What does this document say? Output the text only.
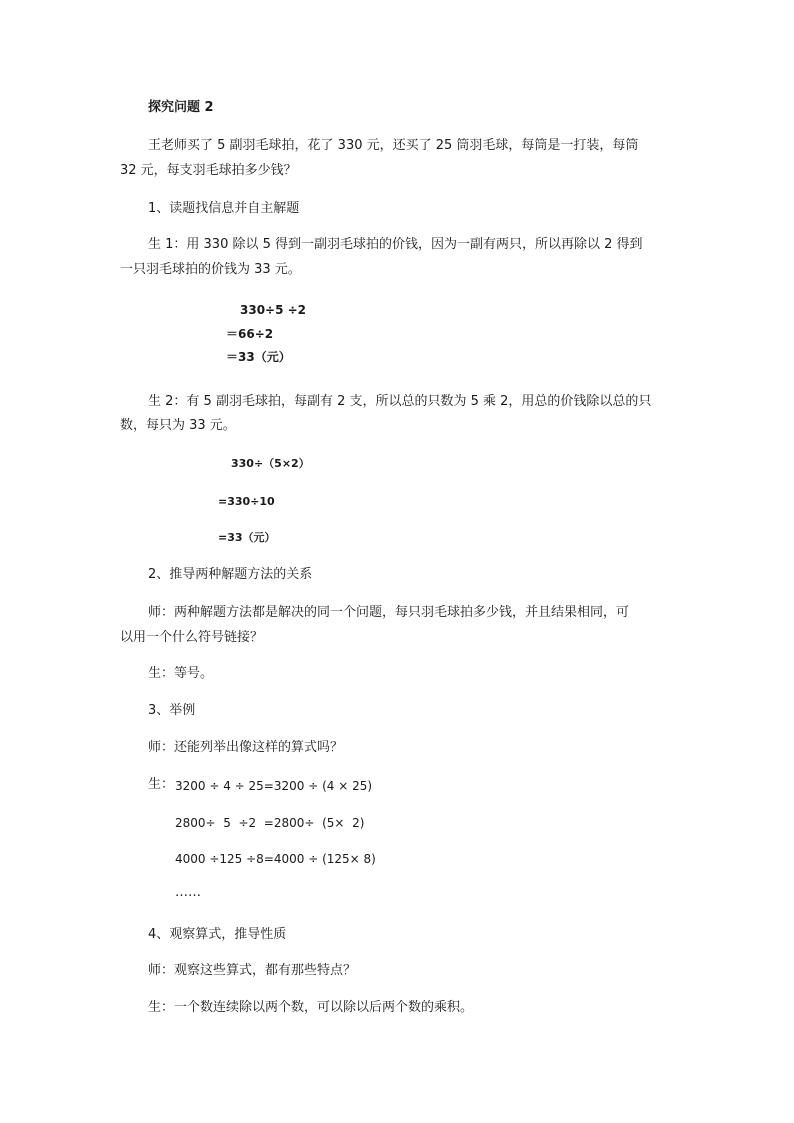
探究问题 2
王老师买了 5 副羽毛球拍，花了 330 元，还买了 25 筒羽毛球，每筒是一打装，每筒
32 元，每支羽毛球拍多少钱？
1、读题找信息并自主解题
生 1：用 330 除以 5 得到一副羽毛球拍的价钱，因为一副有两只，所以再除以 2 得到
一只羽毛球拍的价钱为 33 元。
330÷5 ÷2
＝66÷2
＝33（元）
生 2：有 5 副羽毛球拍，每副有 2 支，所以总的只数为 5 乘 2，用总的价钱除以总的只
数，每只为 33 元。
330÷（5×2）
=330÷10
=33（元）
2、推导两种解题方法的关系
师：两种解题方法都是解决的同一个问题，每只羽毛球拍多少钱，并且结果相同，可
以用一个什么符号链接？
生：等号。
3、举例
师：还能列举出像这样的算式吗？
生： 3200 ÷ 4 ÷ 25=3200 ÷ (4 × 25)
2800÷  5  ÷2  =2800÷  (5×  2)
4000 ÷125 ÷8=4000 ÷ (125× 8)
……
4、观察算式，推导性质
师：观察这些算式，都有那些特点？
生：一个数连续除以两个数，可以除以后两个数的乘积。
